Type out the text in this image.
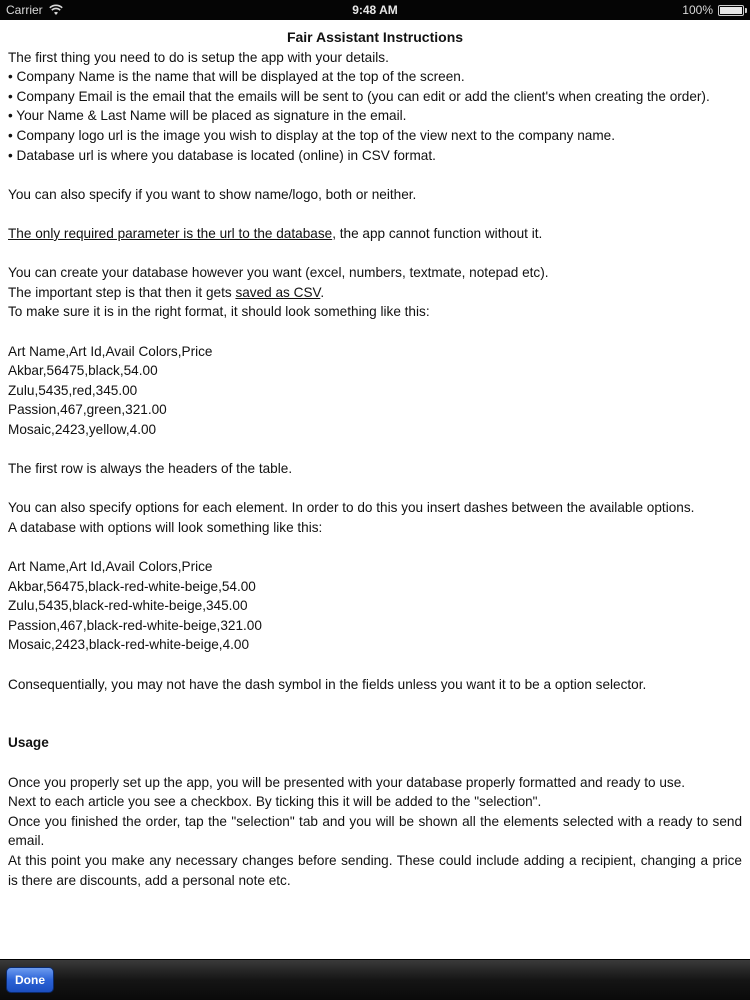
Carrier	9:48 AM	100%

Fair Assistant Instructions

The first thing you need to do is setup the app with your details.

• Company Name is the name that will be displayed at the top of the screen.

• Company Email is the email that the emails will be sent to (you can edit or add the client's when creating the order).

• Your Name & Last Name will be placed as signature in the email.

• Company logo url is the image you wish to display at the top of the view next to the company name.

• Database url is where you database is located (online) in CSV format.

You can also specify if you want to show name/logo, both or neither.

The only required parameter is the url to the database, the app cannot function without it.

You can create your database however you want (excel, numbers, textmate, notepad etc).

The important step is that then it gets saved as CSV.

To make sure it is in the right format, it should look something like this:

Art Name,Art Id,Avail Colors,Price

Akbar,56475,black,54.00

Zulu,5435,red,345.00

Passion,467,green,321.00

Mosaic,2423,yellow,4.00

The first row is always the headers of the table.

You can also specify options for each element. In order to do this you insert dashes between the available options.

A database with options will look something like this:

Art Name,Art Id,Avail Colors,Price

Akbar,56475,black-red-white-beige,54.00

Zulu,5435,black-red-white-beige,345.00

Passion,467,black-red-white-beige,321.00

Mosaic,2423,black-red-white-beige,4.00

Consequentially, you may not have the dash symbol in the fields unless you want it to be a option selector.

Usage

Once you properly set up the app, you will be presented with your database properly formatted and ready to use.

Next to each article you see a checkbox. By ticking this it will be added to the "selection".

Once you finished the order, tap the "selection" tab and you will be shown all the elements selected with a ready to send email.

At this point you make any necessary changes before sending. These could include adding a recipient, changing a price is there are discounts, add a personal note etc.

Done
